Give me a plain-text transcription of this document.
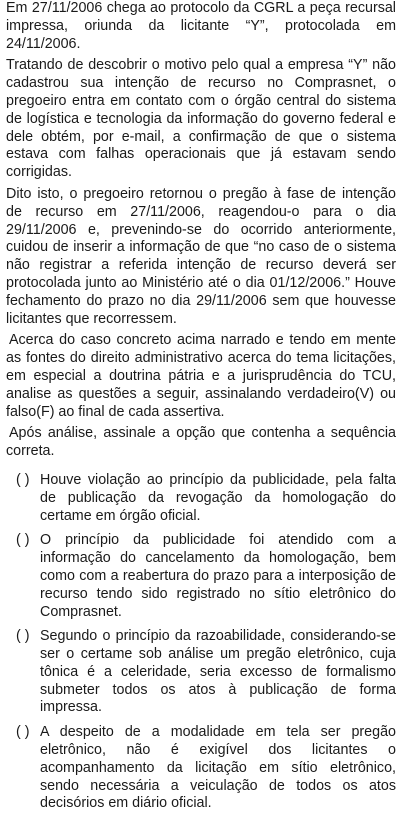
Em 27/11/2006 chega ao protocolo da CGRL a peça recursal impressa, oriunda da licitante “Y”, protocolada em 24/11/2006.

Tratando de descobrir o motivo pelo qual a empresa “Y” não cadastrou sua intenção de recurso no Comprasnet, o pregoeiro entra em contato com o órgão central do sistema de logística e tecnologia da informação do governo federal e dele obtém, por e-mail, a confirmação de que o sistema estava com falhas operacionais que já estavam sendo corrigidas.

Dito isto, o pregoeiro retornou o pregão à fase de intenção de recurso em 27/11/2006, reagendou-o para o dia 29/11/2006 e, prevenindo-se do ocorrido anteriormente, cuidou de inserir a informação de que “no caso de o sistema não registrar a referida intenção de recurso deverá ser protocolada junto ao Ministério até o dia 01/12/2006.” Houve fechamento do prazo no dia 29/11/2006 sem que houvesse licitantes que recorressem.

Acerca do caso concreto acima narrado e tendo em mente as fontes do direito administrativo acerca do tema licitações, em especial a doutrina pátria e a jurisprudência do TCU, analise as questões a seguir, assinalando verdadeiro(V) ou falso(F) ao final de cada assertiva.

Após análise, assinale a opção que contenha a sequência correta.

( ) Houve violação ao princípio da publicidade, pela falta de publicação da revogação da homologação do certame em órgão oficial.
( ) O princípio da publicidade foi atendido com a informação do cancelamento da homologação, bem como com a reabertura do prazo para a interposição de recurso tendo sido registrado no sítio eletrônico do Comprasnet.
( ) Segundo o princípio da razoabilidade, considerando-se ser o certame sob análise um pregão eletrônico, cuja tônica é a celeridade, seria excesso de formalismo submeter todos os atos à publicação de forma impressa.
( ) A despeito de a modalidade em tela ser pregão eletrônico, não é exigível dos licitantes o acompanhamento da licitação em sítio eletrônico, sendo necessária a veiculação de todos os atos decisórios em diário oficial.
